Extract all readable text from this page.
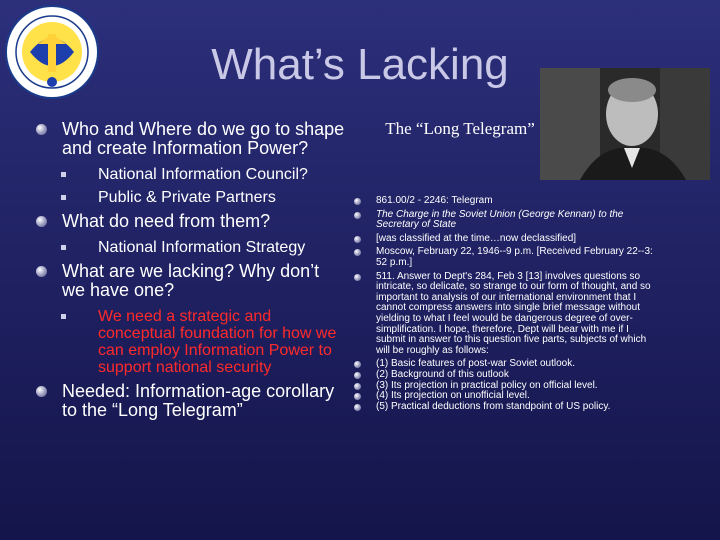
What’s Lacking
The “Long Telegram”
Who and Where do we go to shape and create Information Power?
National Information Council?
Public & Private Partners
What do need from them?
National Information Strategy
What are we lacking? Why don’t we have one?
We need a strategic and conceptual foundation for how we can employ Information Power to support national security
Needed: Information-age corollary to the “Long Telegram”
861.00/2 - 2246: Telegram
The Charge in the Soviet Union (George Kennan) to the Secretary of State
[was classified at the time…now declassified]
Moscow, February 22, 1946--9 p.m. [Received February 22--3: 52 p.m.]
511. Answer to Dept's 284, Feb 3 [13] involves questions so intricate, so delicate, so strange to our form of thought, and so important to analysis of our international environment that I cannot compress answers into single brief message without yielding to what I feel would be dangerous degree of over-simplification. I hope, therefore, Dept will bear with me if I submit in answer to this question five parts, subjects of which will be roughly as follows:
(1) Basic features of post-war Soviet outlook.
(2) Background of this outlook
(3) Its projection in practical policy on official level.
(4) Its projection on unofficial level.
(5) Practical deductions from standpoint of US policy.
